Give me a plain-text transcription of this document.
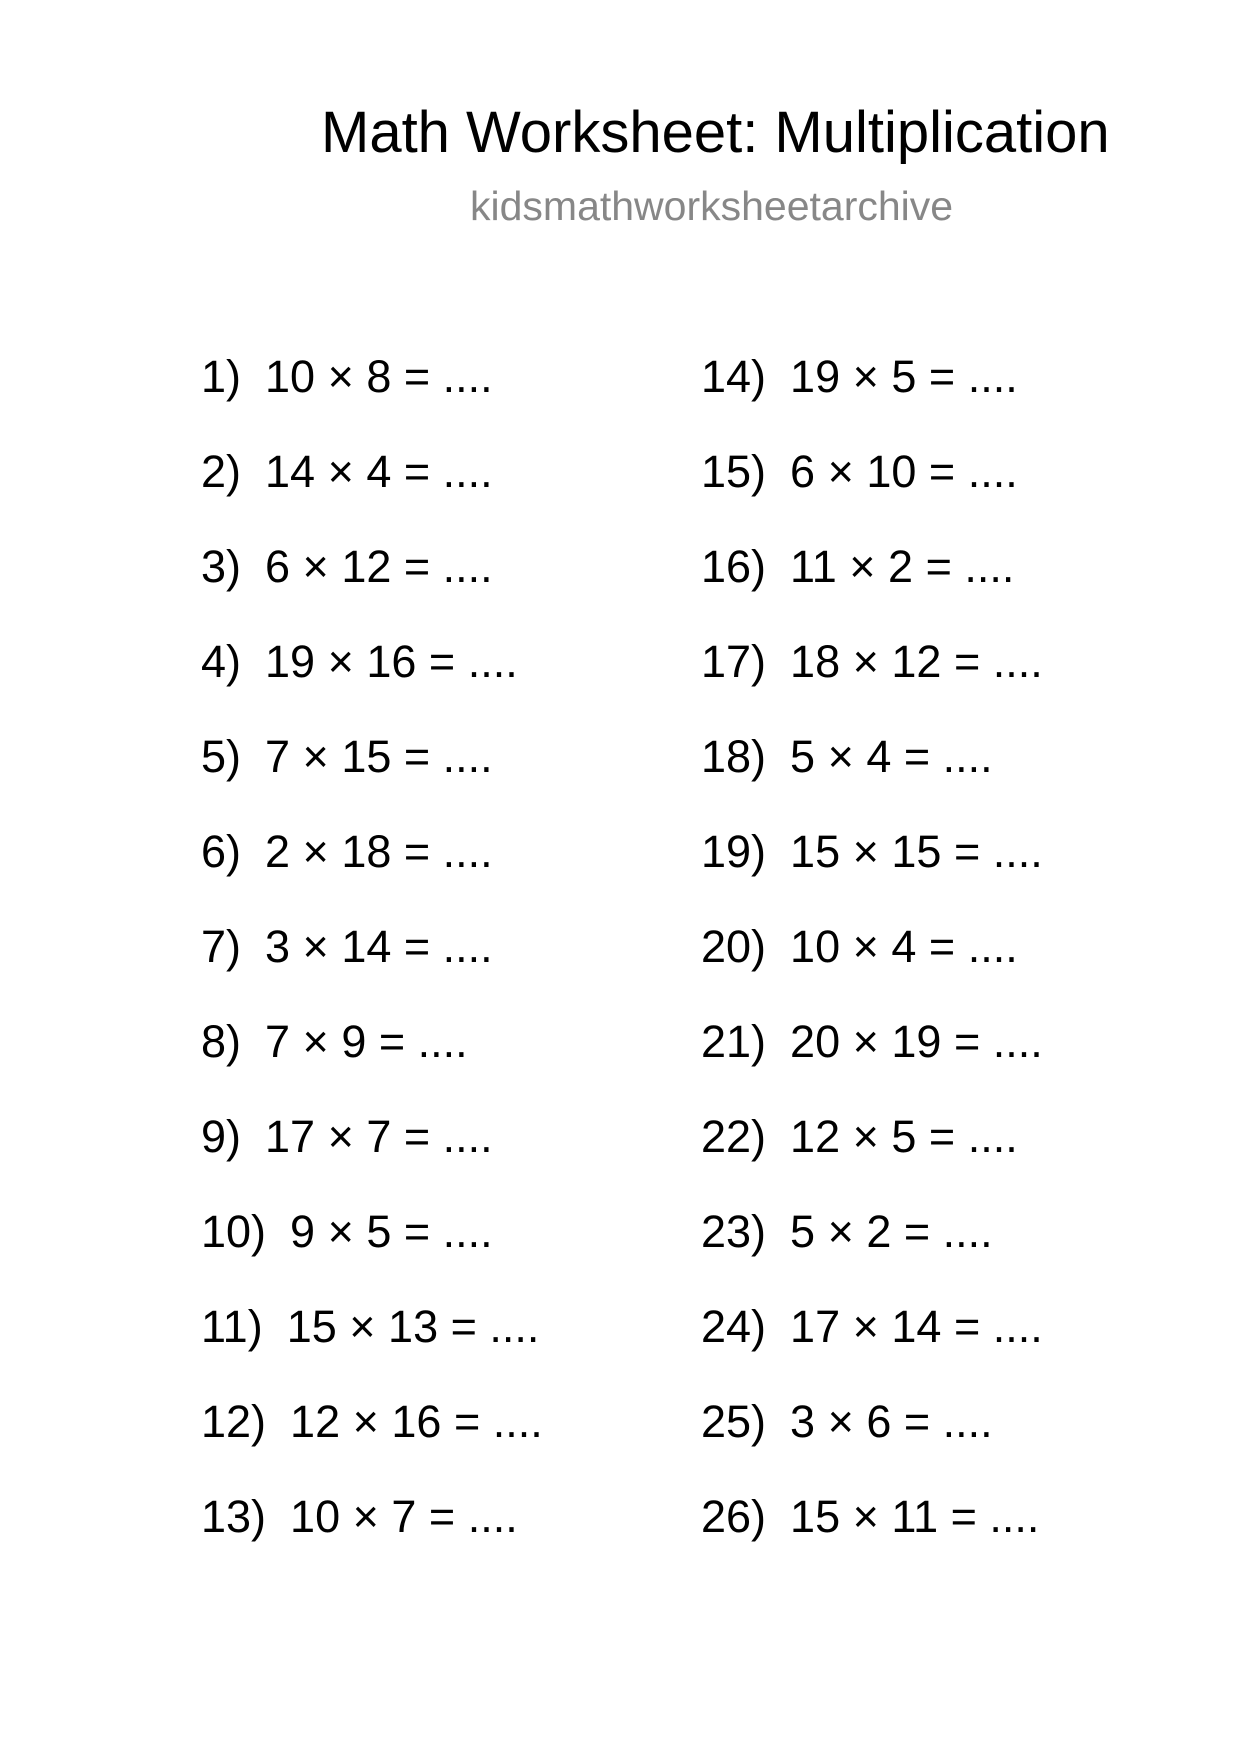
Math Worksheet: Multiplication
kidsmathworksheetarchive
1) 10 × 8 = ....
2) 14 × 4 = ....
3) 6 × 12 = ....
4) 19 × 16 = ....
5) 7 × 15 = ....
6) 2 × 18 = ....
7) 3 × 14 = ....
8) 7 × 9 = ....
9) 17 × 7 = ....
10) 9 × 5 = ....
11) 15 × 13 = ....
12) 12 × 16 = ....
13) 10 × 7 = ....
14) 19 × 5 = ....
15) 6 × 10 = ....
16) 11 × 2 = ....
17) 18 × 12 = ....
18) 5 × 4 = ....
19) 15 × 15 = ....
20) 10 × 4 = ....
21) 20 × 19 = ....
22) 12 × 5 = ....
23) 5 × 2 = ....
24) 17 × 14 = ....
25) 3 × 6 = ....
26) 15 × 11 = ....
